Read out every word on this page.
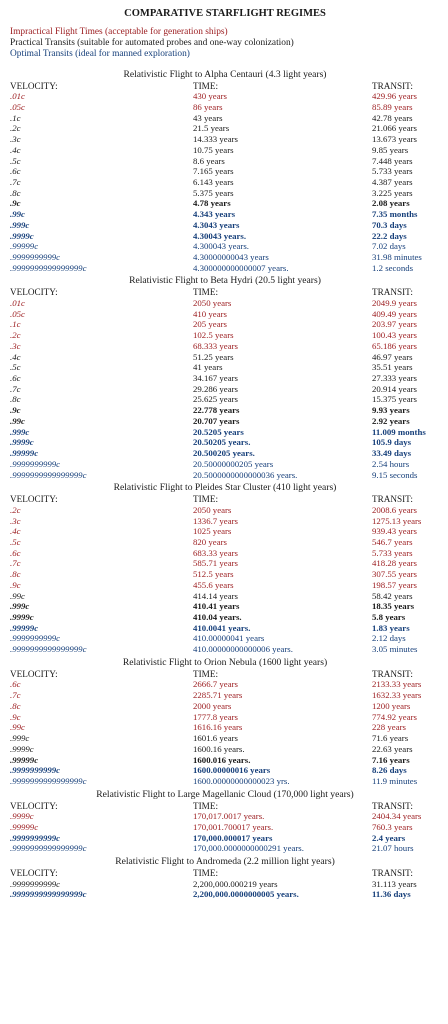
COMPARATIVE STARFLIGHT REGIMES
Impractical Flight Times (acceptable for generation ships)
Practical Transits (suitable for automated probes and one-way colonization)
Optimal Transits (ideal for manned exploration)
Relativistic Flight to Alpha Centauri (4.3 light years)
VELOCITY:	TIME:	TRANSIT:
.01c	430 years	429.96 years
.05c	86 years	85.89 years
.1c	43 years	42.78 years
.2c	21.5 years	21.066 years
.3c	14.333 years	13.673 years
.4c	10.75 years	9.85 years
.5c	8.6 years	7.448 years
.6c	7.165 years	5.733 years
.7c	6.143 years	4.387 years
.8c	5.375 years	3.225 years
.9c	4.78 years	2.08 years
.99c	4.343 years	7.35 months
.999c	4.3043 years	70.3 days
.9999c	4.30043 years.	22.2 days
.99999c	4.300043 years.	7.02 days
.9999999999c	4.30000000043 years	31.98 minutes
.9999999999999999c	4.300000000000007 years.	1.2 seconds
Relativistic Flight to Beta Hydri (20.5 light years)
VELOCITY:	TIME:	TRANSIT:
.01c	2050 years	2049.9 years
.05c	410 years	409.49 years
.1c	205 years	203.97 years
.2c	102.5 years	100.43 years
.3c	68.333 years	65.186 years
.4c	51.25 years	46.97 years
.5c	41 years	35.51 years
.6c	34.167 years	27.333 years
.7c	29.286 years	20.914 years
.8c	25.625 years	15.375 years
.9c	22.778 years	9.93 years
.99c	20.707 years	2.92 years
.999c	20.5205 years	11.009 months
.9999c	20.50205 years.	105.9 days
.99999c	20.500205 years.	33.49 days
.9999999999c	20.50000000205 years	2.54 hours
.9999999999999999c	20.5000000000000036 years.	9.15 seconds
Relativistic Flight to Pleides Star Cluster (410 light years)
VELOCITY:	TIME:	TRANSIT:
.2c	2050 years	2008.6 years
.3c	1336.7 years	1275.13 years
.4c	1025 years	939.43 years
.5c	820 years	546.7 years
.6c	683.33 years	5.733 years
.7c	585.71 years	418.28 years
.8c	512.5 years	307.55 years
.9c	455.6 years	198.57 years
.99c	414.14 years	58.42 years
.999c	410.41 years	18.35 years
.9999c	410.04 years.	5.8 years
.99999c	410.0041 years.	1.83 years
.9999999999c	410.00000041 years	2.12 days
.9999999999999999c	410.00000000000006 years.	3.05 minutes
Relativistic Flight to Orion Nebula (1600 light years)
VELOCITY:	TIME:	TRANSIT:
.6c	2666.7 years	2133.33 years
.7c	2285.71 years	1632.33 years
.8c	2000 years	1200 years
.9c	1777.8 years	774.92 years
.99c	1616.16 years	228 years
.999c	1601.6 years	71.6 years
.9999c	1600.16 years.	22.63 years
.99999c	1600.016 years.	7.16 years
.9999999999c	1600.00000016 years	8.26 days
.9999999999999999c	1600.00000000000023 yrs.	11.9 minutes
Relativistic Flight to Large Magellanic Cloud (170,000 light years)
VELOCITY:	TIME:	TRANSIT:
.9999c	170,017.0017 years.	2404.34 years
.99999c	170,001.700017 years.	760.3 years
.9999999999c	170,000.000017 years	2.4 years
.9999999999999999c	170,000.0000000000291 years.	21.07 hours
Relativistic Flight to Andromeda (2.2 million light years)
VELOCITY:	TIME:	TRANSIT:
.9999999999c	2,200,000.000219 years	31.113 years
.9999999999999999c	2,200,000.0000000005 years.	11.36 days
